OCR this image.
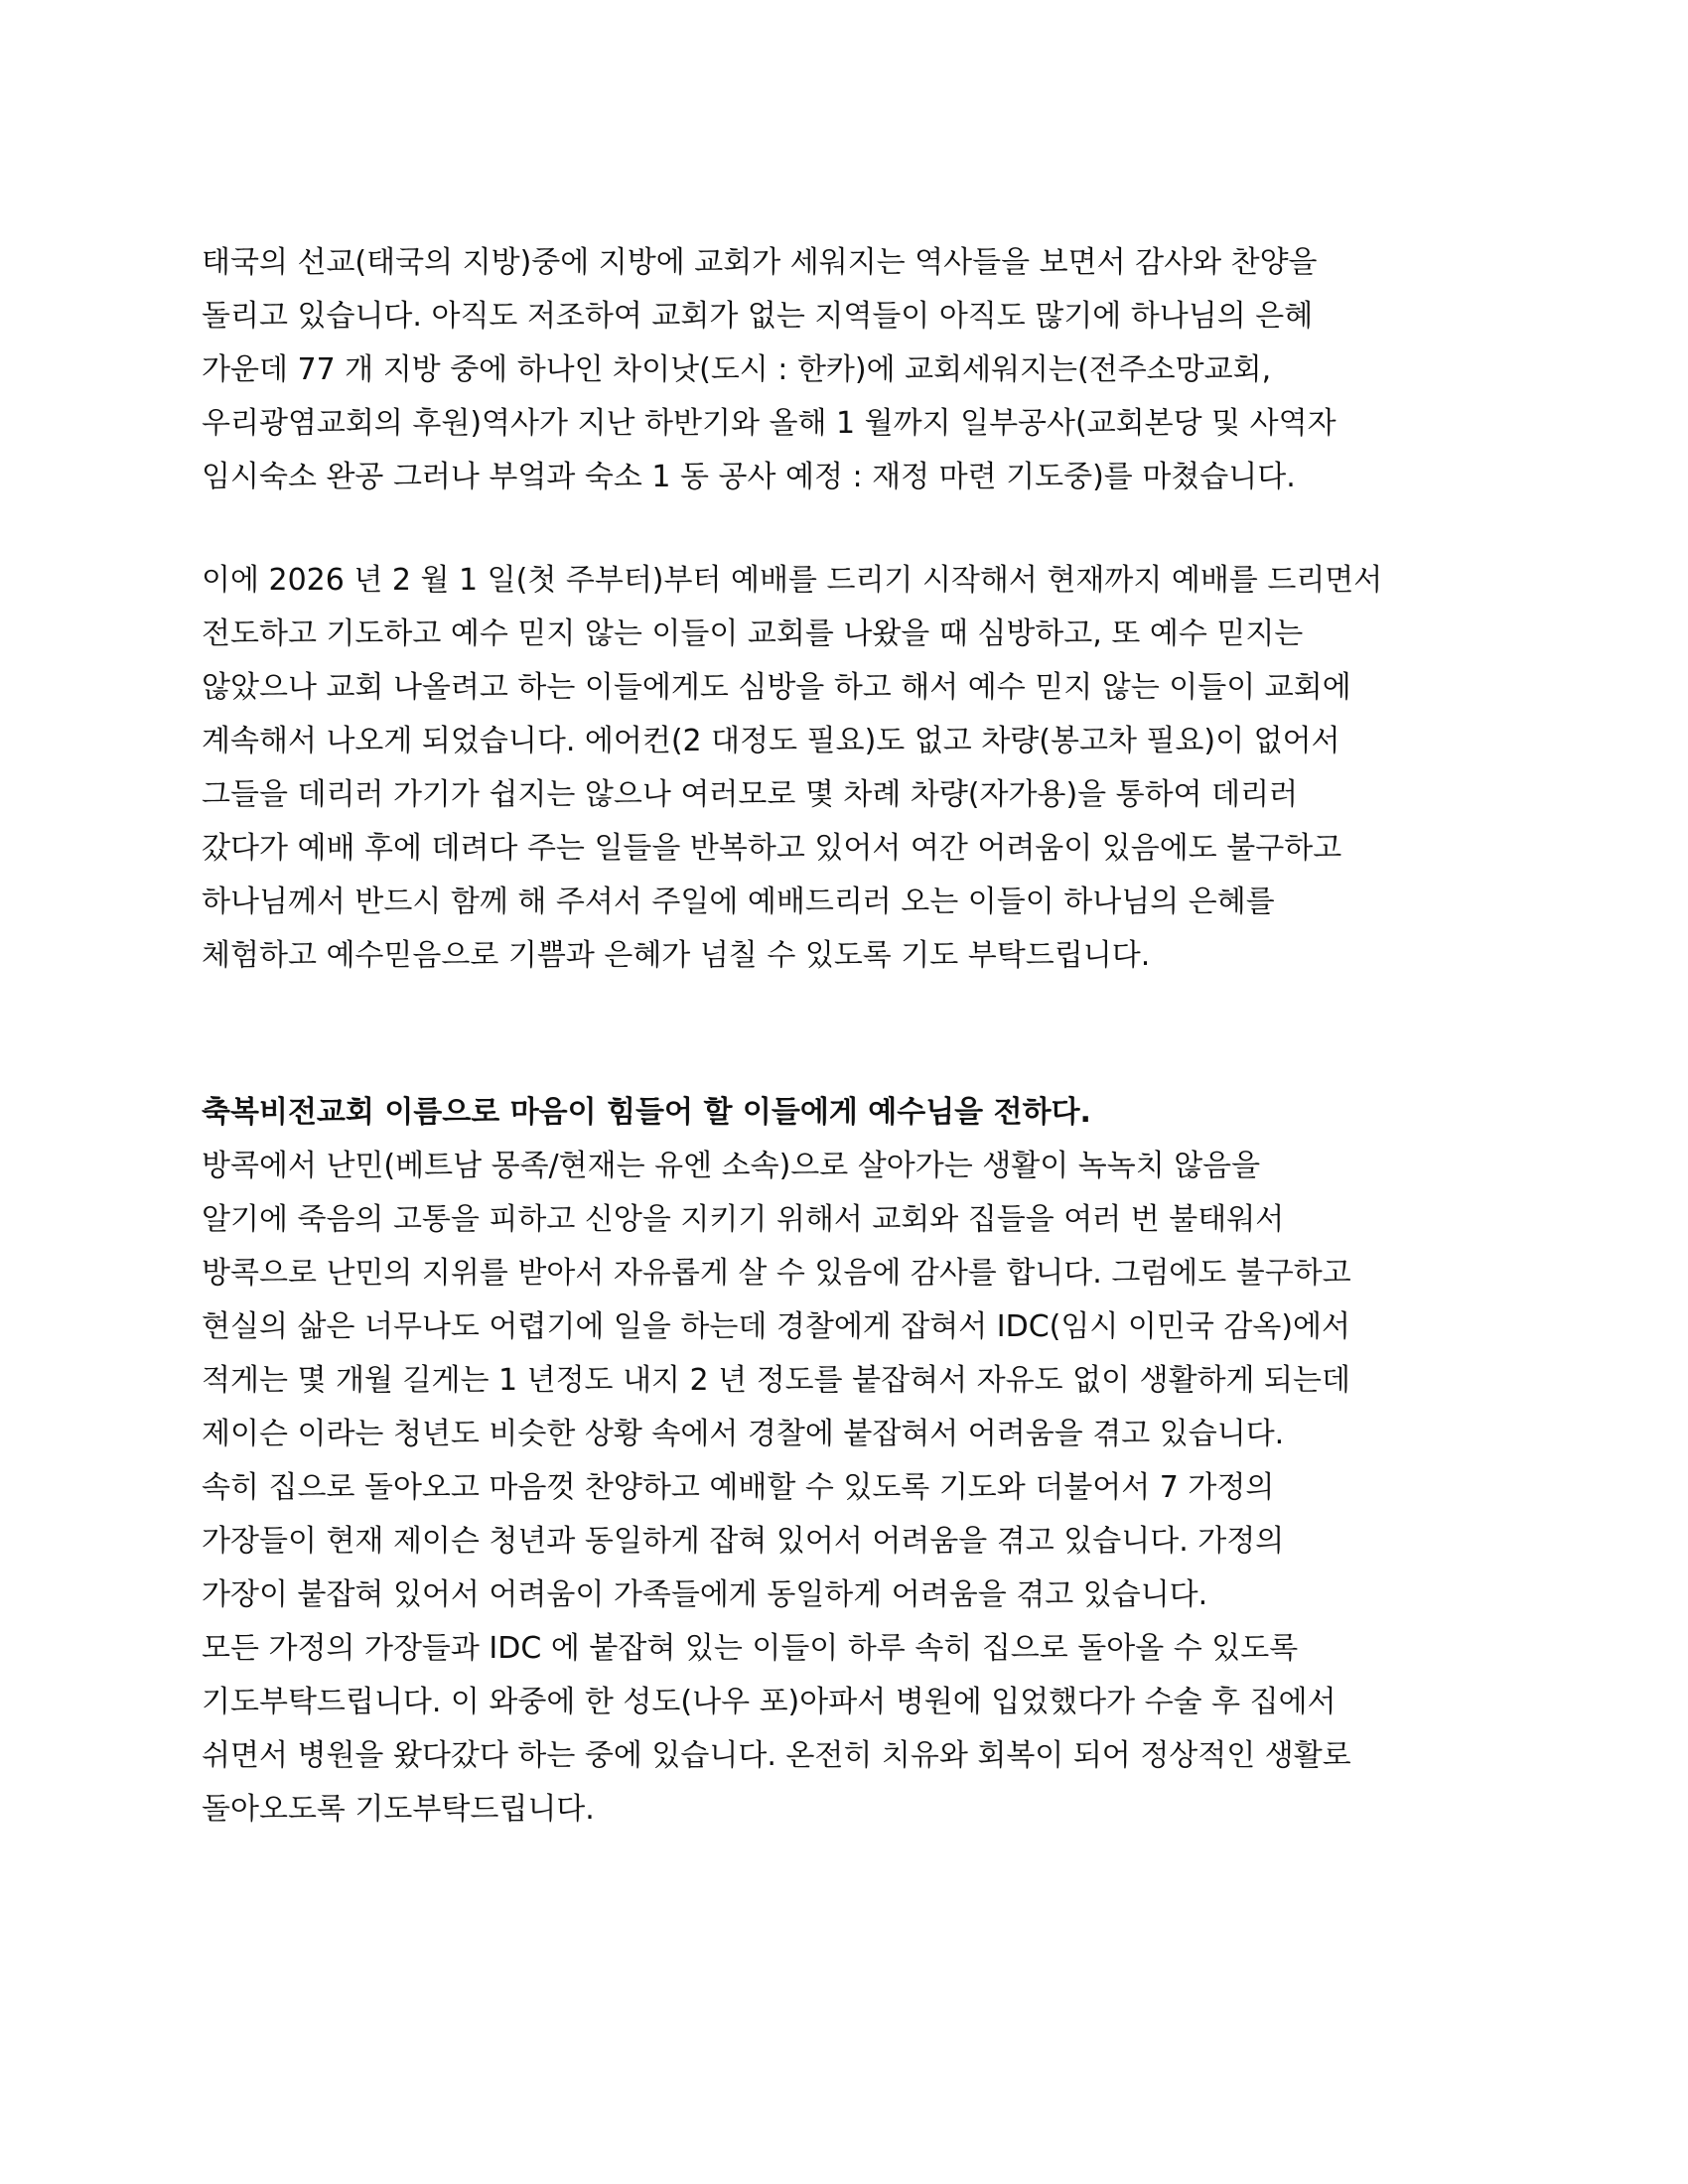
태국의 선교(태국의 지방)중에 지방에 교회가 세워지는 역사들을 보면서 감사와 찬양을
돌리고 있습니다. 아직도 저조하여 교회가 없는 지역들이 아직도 많기에 하나님의 은혜
가운데 77 개 지방 중에 하나인 차이낫(도시 : 한카)에 교회세워지는(전주소망교회,
우리광염교회의 후원)역사가 지난 하반기와 올해 1 월까지 일부공사(교회본당 및 사역자
임시숙소 완공 그러나 부엌과 숙소 1 동 공사 예정 : 재정 마련 기도중)를 마쳤습니다.
이에 2026 년 2 월 1 일(첫 주부터)부터 예배를 드리기 시작해서 현재까지 예배를 드리면서
전도하고 기도하고 예수 믿지 않는 이들이 교회를 나왔을 때 심방하고, 또 예수 믿지는
않았으나 교회 나올려고 하는 이들에게도 심방을 하고 해서 예수 믿지 않는 이들이 교회에
계속해서 나오게 되었습니다. 에어컨(2 대정도 필요)도 없고 차량(봉고차 필요)이 없어서
그들을 데리러 가기가 쉽지는 않으나 여러모로 몇 차례 차량(자가용)을 통하여 데리러
갔다가 예배 후에 데려다 주는 일들을 반복하고 있어서 여간 어려움이 있음에도 불구하고
하나님께서 반드시 함께 해 주셔서 주일에 예배드리러 오는 이들이 하나님의 은혜를
체험하고 예수믿음으로 기쁨과 은혜가 넘칠 수 있도록 기도 부탁드립니다.
축복비전교회 이름으로 마음이 힘들어 할 이들에게 예수님을 전하다.
방콕에서 난민(베트남 몽족/현재는 유엔 소속)으로 살아가는 생활이 녹녹치 않음을
알기에 죽음의 고통을 피하고 신앙을 지키기 위해서 교회와 집들을 여러 번 불태워서
방콕으로 난민의 지위를 받아서 자유롭게 살 수 있음에 감사를 합니다. 그럼에도 불구하고
현실의 삶은 너무나도 어렵기에 일을 하는데 경찰에게 잡혀서 IDC(임시 이민국 감옥)에서
적게는 몇 개월 길게는 1 년정도 내지 2 년 정도를 붙잡혀서 자유도 없이 생활하게 되는데
제이슨 이라는 청년도 비슷한 상황 속에서 경찰에 붙잡혀서 어려움을 겪고 있습니다.
속히 집으로 돌아오고 마음껏 찬양하고 예배할 수 있도록 기도와 더불어서 7 가정의
가장들이 현재 제이슨 청년과 동일하게 잡혀 있어서 어려움을 겪고 있습니다. 가정의
가장이 붙잡혀 있어서 어려움이 가족들에게 동일하게 어려움을 겪고 있습니다.
모든 가정의 가장들과 IDC 에 붙잡혀 있는 이들이 하루 속히 집으로 돌아올 수 있도록
기도부탁드립니다. 이 와중에 한 성도(나우 포)아파서 병원에 입었했다가 수술 후 집에서
쉬면서 병원을 왔다갔다 하는 중에 있습니다. 온전히 치유와 회복이 되어 정상적인 생활로
돌아오도록 기도부탁드립니다.
